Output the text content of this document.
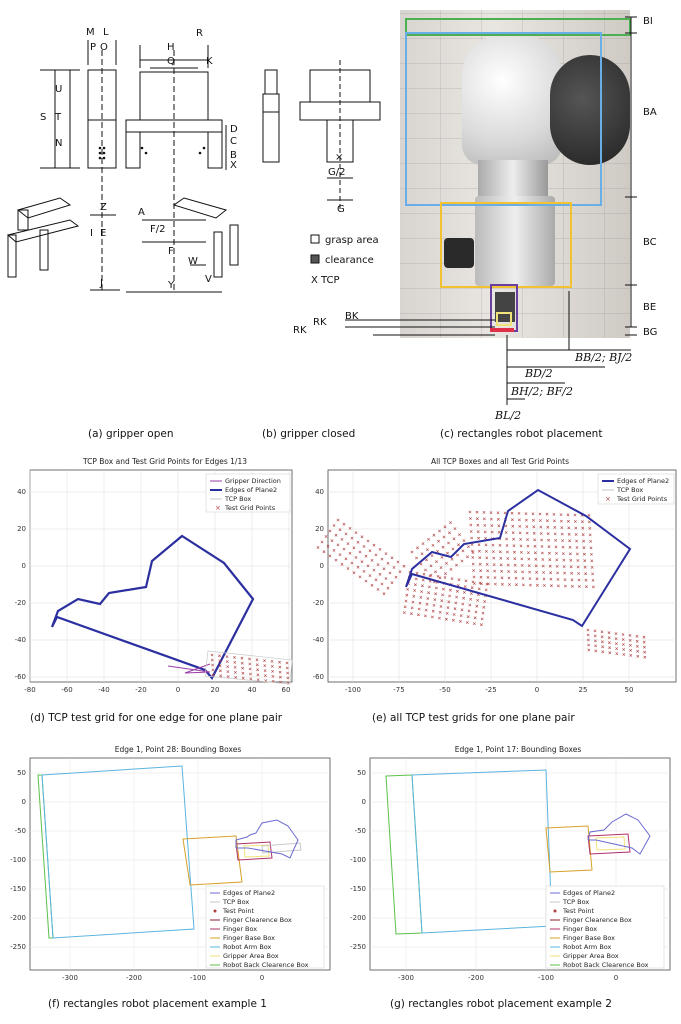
M L
P O
U
S T
N
H
Q
R
K
D
C
B
X
Z
I E
A
F/2
F
W
V
J	Y
×
G/2
G
grasp area
clearance
X TCP
BI
BA
BC
BE
BG
RK
RK
BK
BB/2; BJ/2
BD/2
BH/2; BF/2
BL/2
(a) gripper open	(b) gripper closed	(c) rectangles robot placement
TCP Box and Test Grid Points for Edges 1/13
×
Gripper Direction
Edges of Plane2
TCP Box
Test Grid Points
40
20
0
-20
-40
-60
-80	-60	-40	-20	0	20	40	60
All TCP Boxes and all Test Grid Points
×
Edges of Plane2
TCP Box
Test Grid Points
40
20
0
-20
-40
-60
-100	-75	-50	-25	0	25	50
(d) TCP test grid for one edge for one plane pair	(e) all TCP test grids for one plane pair
Edge 1, Point 28: Bounding Boxes
Edges of Plane2
TCP Box
Test Point
Finger Clearence Box
Finger Box
Finger Base Box
Robot Arm Box
Gripper Area Box
Robot Back Clearence Box
50
0
-50
-100
-150
-200
-250
-300	-200	-100	0
Edge 1, Point 17: Bounding Boxes
Edges of Plane2
TCP Box
Test Point
Finger Clearence Box
Finger Box
Finger Base Box
Robot Arm Box
Gripper Area Box
Robot Back Clearence Box
50
0
-50
-100
-150
-200
-250
-300	-200	-100	0
(f) rectangles robot placement example 1	(g) rectangles robot placement example 2
